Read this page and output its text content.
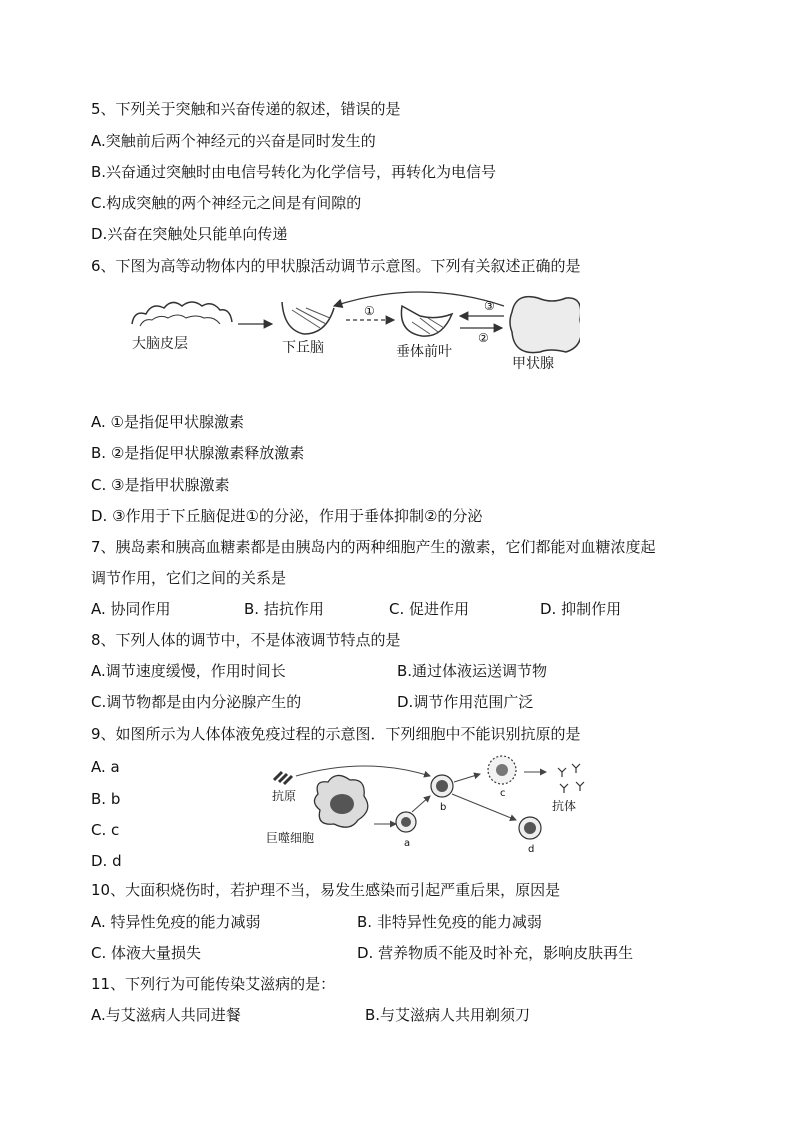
5、下列关于突触和兴奋传递的叙述，错误的是
A.突触前后两个神经元的兴奋是同时发生的
B.兴奋通过突触时由电信号转化为化学信号，再转化为电信号
C.构成突触的两个神经元之间是有间隙的
D.兴奋在突触处只能单向传递
6、下图为高等动物体内的甲状腺活动调节示意图。下列有关叙述正确的是
①
②
③
大脑皮层	下丘脑	垂体前叶
甲状腺
A. ①是指促甲状腺激素
B. ②是指促甲状腺激素释放激素
C. ③是指甲状腺激素
D. ③作用于下丘脑促进①的分泌，作用于垂体抑制②的分泌
7、胰岛素和胰高血糖素都是由胰岛内的两种细胞产生的激素，它们都能对血糖浓度起
调节作用，它们之间的关系是
A. 协同作用	B. 拮抗作用	C. 促进作用	D. 抑制作用
8、下列人体的调节中，不是体液调节特点的是
A.调节速度缓慢，作用时间长	B.通过体液运送调节物
C.调节物都是由内分泌腺产生的	D.调节作用范围广泛
9、如图所示为人体体液免疫过程的示意图．下列细胞中不能识别抗原的是
A. a
B. b
C. c
D. d
抗原
巨噬细胞	a
b
c
d
抗体
10、大面积烧伤时，若护理不当，易发生感染而引起严重后果，原因是
A. 特异性免疫的能力减弱	B. 非特异性免疫的能力减弱
C. 体液大量损失	D. 营养物质不能及时补充，影响皮肤再生
11、下列行为可能传染艾滋病的是：
A.与艾滋病人共同进餐	B.与艾滋病人共用剃须刀
